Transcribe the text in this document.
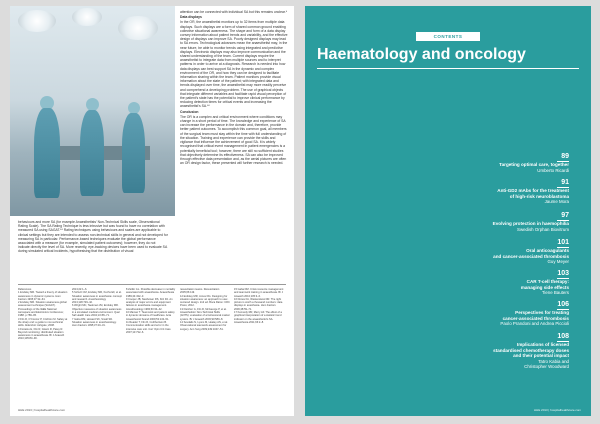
behaviours and more SA (for example Anaesthetists’ Non-Technical Skills scale, Observational Rating Scale). The SA Rating Technique is less intrusive but was found to have no correlation with measured SA using SAGAT.** Rating techniques using behaviours and scales are applicable to clinical settings but they are intended to assess non-technical skills in general and not developed for measuring SA in particular. Performance-based techniques evaluate the global performance associated with a measure (for example, simulated patient outcomes); however, they do not indicate directly the level of SA. More recently, eye-tracking devices have been used to evaluate SA during simulated critical incidents, hypothesising that the distribution of visual

attention can be connected with individual SA but this remains unclear.*

Data displays

In the OR, the anaesthetist monitors up to 32 items from multiple data displays. Such displays are a form of shared common ground enabling collective situational awareness. The shape and form of a data display convey information about patient trends and variability, and the effective design of displays can improve SA. Poorly designed displays may lead to SA errors. Technological advances mean the anaesthetist may, in the near future, be able to monitor trends using integrated and predictive displays. Electronic displays may also improve communication and the shared understanding of the team. Current displays require the anaesthetist to integrate data from multiple sources and to interpret patterns in order to arrive at a diagnosis. Research is needed into how data displays can best support SA in the dynamic and complex environment of the OR, and how they can be designed to facilitate information sharing within the team. Patient monitors provide visual information about the state of the patient; with integrated data and trends displayed over time, the anaesthetist may more readily perceive and comprehend a developing problem. The use of graphical objects that integrate different variables and facilitate rapid visual perception of the patient’s state has the potential to improve clinical performance by reducing detection times for critical events and increasing the anaesthetist’s SA.**

Conclusion

The OR is a complex and critical environment where conditions may change in a short period of time. The knowledge and experience of SA can increase the performance in the domain and, therefore, provide better patient outcomes. To accomplish this common goal, all members of the surgical team must stay within the time with full understanding of the situation. Training and experience can provide the skills and vigilance that influence the achievement of good SA. It is widely recognised that critical event management in patient emergencies is a potentially beneficial tool; however, there are still no sufficient studies that objectively determine its effectiveness. SA can also be improved through effective data presentation and, as the aerial pictures are often an OR design factor, these presented will further research is needed.

References
1 Endsley MR. Toward a theory of situation awareness in dynamic systems. Hum Factors 1995;37:32–64.
2 Endsley MR. Situation awareness global assessment technique (SAGAT). Proceedings of the IEEE National Aerospace and Electronics Conference; 1988. p.789–95.
3 Flin R, O’Connor P, Crichton M. Safety at the sharp end: a guide to non-technical skills. Aldershot: Ashgate; 2008.
4 Fioratou E, Flin R, Glavin R, Patey R. Beyond monitoring: distributed situation awareness in anaesthesia. Br J Anaesth 2010;105:83–90.
2013;22:1–6.
5 Schulz CM, Endsley MR, Kochs EF, et al. Situation awareness in anesthesia: concept and research. Anesthesiology 2013;118:729–42.
6 Wright MC, Taekman JM, Endsley MR. Objective measures of situation awareness in a simulated medical environment. Qual Saf Health Care 2004;13:i65–71.
7 Gaba DM, Howard SK, Small SD. Situation awareness in anesthesiology. Hum Factors 1995;37:20–31.
8 Zeitlin GL. Possible decrease in mortality associated with anaesthesia. Anaesthesia 1989;44:432–3.
9 Cooper JB, Newbower RS, Kitz RJ. An analysis of major errors and equipment failures in anesthesia management. Anesthesiology 1984;60:34–42.
10 Manser T. Teamwork and patient safety in dynamic domains of healthcare. Acta Anaesthesiol Scand 2009;53:143–51.
11 Reader T, Flin R, Cuthbertson B. Communication skills and error in the intensive care unit. Curr Opin Crit Care 2007;13:732–6.
resuscitation teams. Resuscitation 2005;66:119.
12 Endsley MR, Jones DG. Designing for situation awareness: an approach to user-centered design. 2nd ed. Boca Raton: CRC Press; 2012.
13 Fletcher G, Flin R, McGeorge P, et al. Anaesthetists’ Non-Technical Skills (ANTS): evaluation of a behavioural marker system. Br J Anaesth 2003;90:580–8.
14 Sevdalis N, Lyons M, Healey AN, et al. Observational teamwork assessment for surgery. Ann Surg 2009;249:1047–51.
15 Gaba DM. Crisis resource management and teamwork training in anaesthesia. Br J Anaesth 2010;105:3–6.
16 Drews FA, Westenskow DR. The right picture is worth a thousand numbers: data displays in anesthesia. Hum Factors 2006;48:59–71.
17 Kennedy RR, Merry AF. The effect of a graphical interpretation of a statistic trend indicator on the anaesthetist’s SA. Anaesthesia 2011;66:2–8.
HHE 2013 | hospitalhealthcare.com
CONTENTS
Haematology and oncology
89
Targeting optimal care, together
Umberto Ricardi
91
Anti-GD2 mAbs for the treatment
of high-risk neuroblastoma
Jaume Mora
97
Evolving protection in haemophilia
Swedish Orphan Biovitrum
101
Oral anticoagulants
and cancer-associated thrombosis
Guy Meyer
103
CAR T-cell therapy:
managing side effects
Tiene Bauters
106
Perspectives for treating
cancer-associated thrombosis
Paolo Prandoni and Andrea Piccioli
108
Implications of licensed
standardised chemotherapy doses
and their potential impact
Tatro Kabia and
Christopher Woodward
HHE 2013 | hospitalhealthcare.com
